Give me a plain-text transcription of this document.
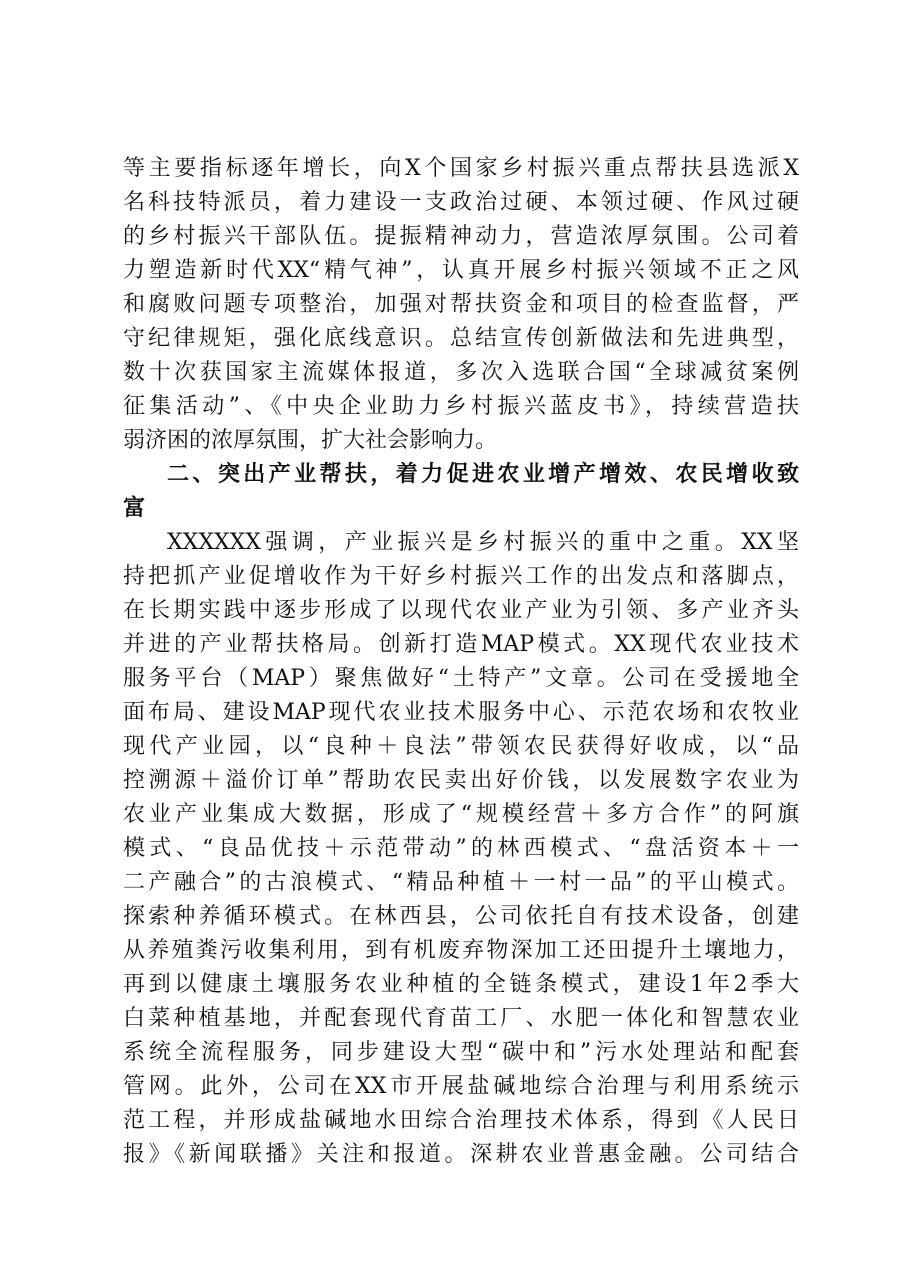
等主要指标逐年增长，向X个国家乡村振兴重点帮扶县选派X
名科技特派员，着力建设一支政治过硬、本领过硬、作风过硬
的乡村振兴干部队伍。提振精神动力，营造浓厚氛围。公司着
力塑造新时代XX“精气神”，认真开展乡村振兴领域不正之风
和腐败问题专项整治，加强对帮扶资金和项目的检查监督，严
守纪律规矩，强化底线意识。总结宣传创新做法和先进典型，
数十次获国家主流媒体报道，多次入选联合国“全球减贫案例
征集活动”、《中央企业助力乡村振兴蓝皮书》，持续营造扶
弱济困的浓厚氛围，扩大社会影响力。
二、突出产业帮扶，着力促进农业增产增效、农民增收致
富
XXXXXX强调，产业振兴是乡村振兴的重中之重。XX坚
持把抓产业促增收作为干好乡村振兴工作的出发点和落脚点，
在长期实践中逐步形成了以现代农业产业为引领、多产业齐头
并进的产业帮扶格局。创新打造MAP模式。XX现代农业技术
服务平台（MAP）聚焦做好“土特产”文章。公司在受援地全
面布局、建设MAP现代农业技术服务中心、示范农场和农牧业
现代产业园，以“良种＋良法”带领农民获得好收成，以“品
控溯源＋溢价订单”帮助农民卖出好价钱，以发展数字农业为
农业产业集成大数据，形成了“规模经营＋多方合作”的阿旗
模式、“良品优技＋示范带动”的林西模式、“盘活资本＋一
二产融合”的古浪模式、“精品种植＋一村一品”的平山模式。
探索种养循环模式。在林西县，公司依托自有技术设备，创建
从养殖粪污收集利用，到有机废弃物深加工还田提升土壤地力，
再到以健康土壤服务农业种植的全链条模式，建设1年2季大
白菜种植基地，并配套现代育苗工厂、水肥一体化和智慧农业
系统全流程服务，同步建设大型“碳中和”污水处理站和配套
管网。此外，公司在XX市开展盐碱地综合治理与利用系统示
范工程，并形成盐碱地水田综合治理技术体系，得到《人民日
报》《新闻联播》关注和报道。深耕农业普惠金融。公司结合
